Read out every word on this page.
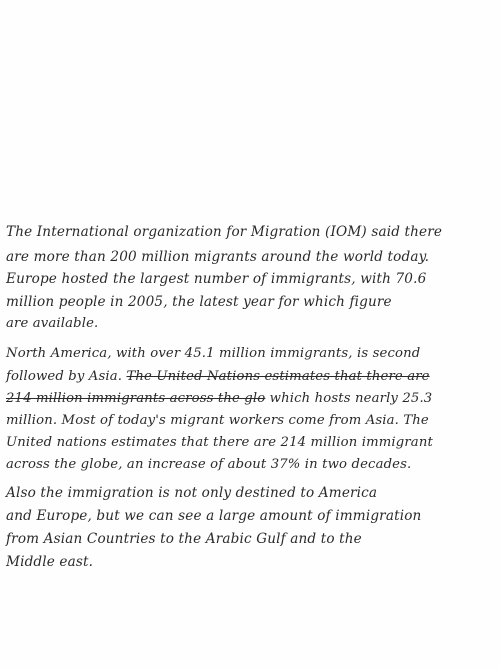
The International organization for Migration (IOM) said there
are more than 200 million migrants around the world today.
Europe hosted the largest number of immigrants, with 70.6
million people in 2005, the latest year for which figure
are available.
North America, with over 45.1 million immigrants, is second
followed by Asia. The United Nations estimates that there are
214 million immigrants across the glo which hosts nearly 25.3
million. Most of today's migrant workers come from Asia. The
United nations estimates that there are 214 million immigrant
across the globe, an increase of about 37% in two decades.
Also the immigration is not only destined to America
and Europe, but we can see a large amount of immigration
from Asian Countries to the Arabic Gulf and to the
Middle east.
